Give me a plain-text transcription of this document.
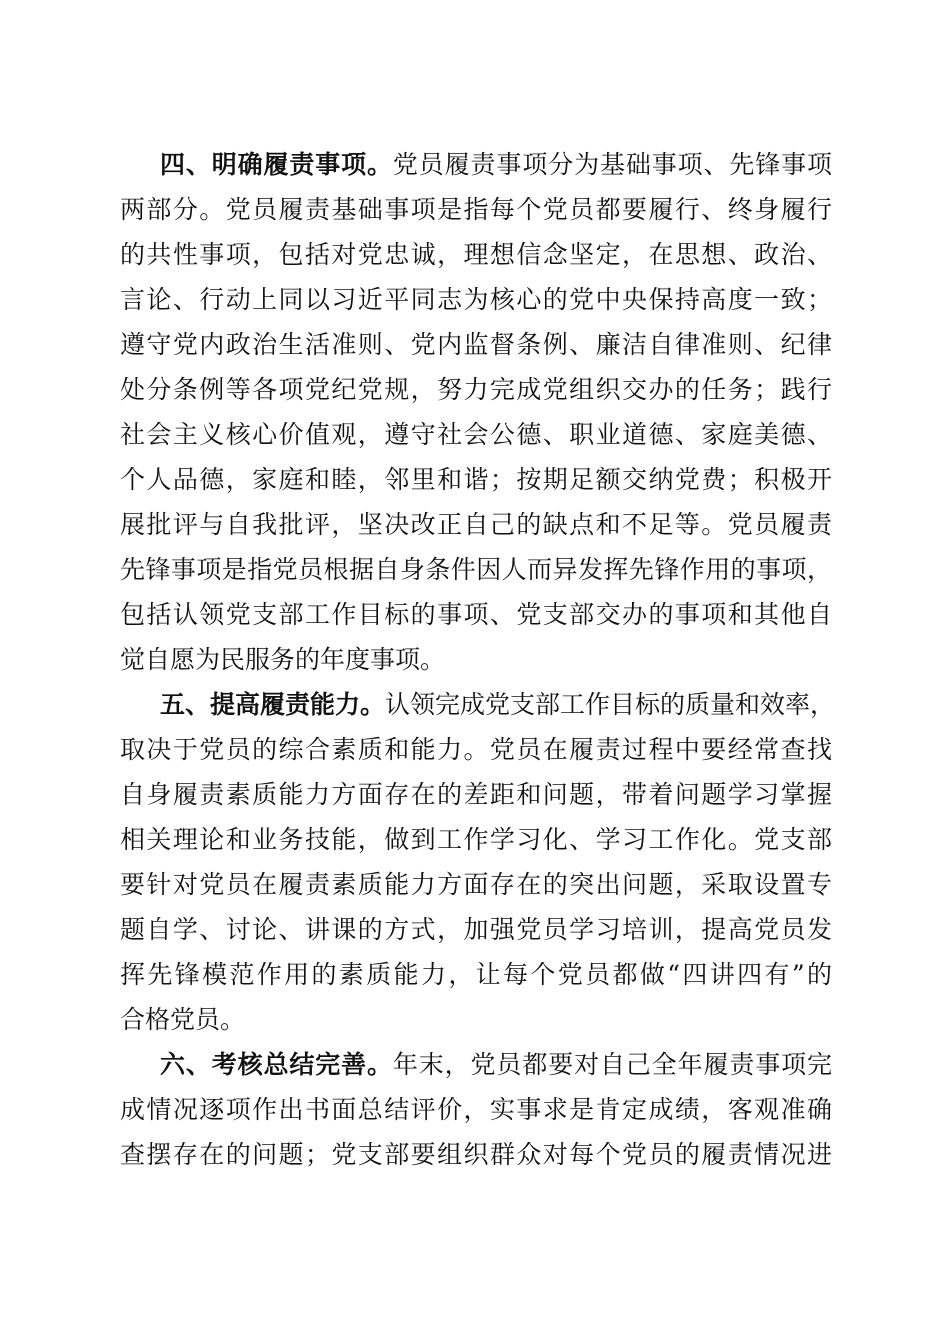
四、明确履责事项。党员履责事项分为基础事项、先锋事项
两部分。党员履责基础事项是指每个党员都要履行、终身履行
的共性事项，包括对党忠诚，理想信念坚定，在思想、政治、
言论、行动上同以习近平同志为核心的党中央保持高度一致；
遵守党内政治生活准则、党内监督条例、廉洁自律准则、纪律
处分条例等各项党纪党规，努力完成党组织交办的任务；践行
社会主义核心价值观，遵守社会公德、职业道德、家庭美德、
个人品德，家庭和睦，邻里和谐；按期足额交纳党费；积极开
展批评与自我批评，坚决改正自己的缺点和不足等。党员履责
先锋事项是指党员根据自身条件因人而异发挥先锋作用的事项，
包括认领党支部工作目标的事项、党支部交办的事项和其他自
觉自愿为民服务的年度事项。
五、提高履责能力。认领完成党支部工作目标的质量和效率，
取决于党员的综合素质和能力。党员在履责过程中要经常查找
自身履责素质能力方面存在的差距和问题，带着问题学习掌握
相关理论和业务技能，做到工作学习化、学习工作化。党支部
要针对党员在履责素质能力方面存在的突出问题，采取设置专
题自学、讨论、讲课的方式，加强党员学习培训，提高党员发
挥先锋模范作用的素质能力，让每个党员都做“四讲四有”的
合格党员。
六、考核总结完善。年末，党员都要对自己全年履责事项完
成情况逐项作出书面总结评价，实事求是肯定成绩，客观准确
查摆存在的问题；党支部要组织群众对每个党员的履责情况进
